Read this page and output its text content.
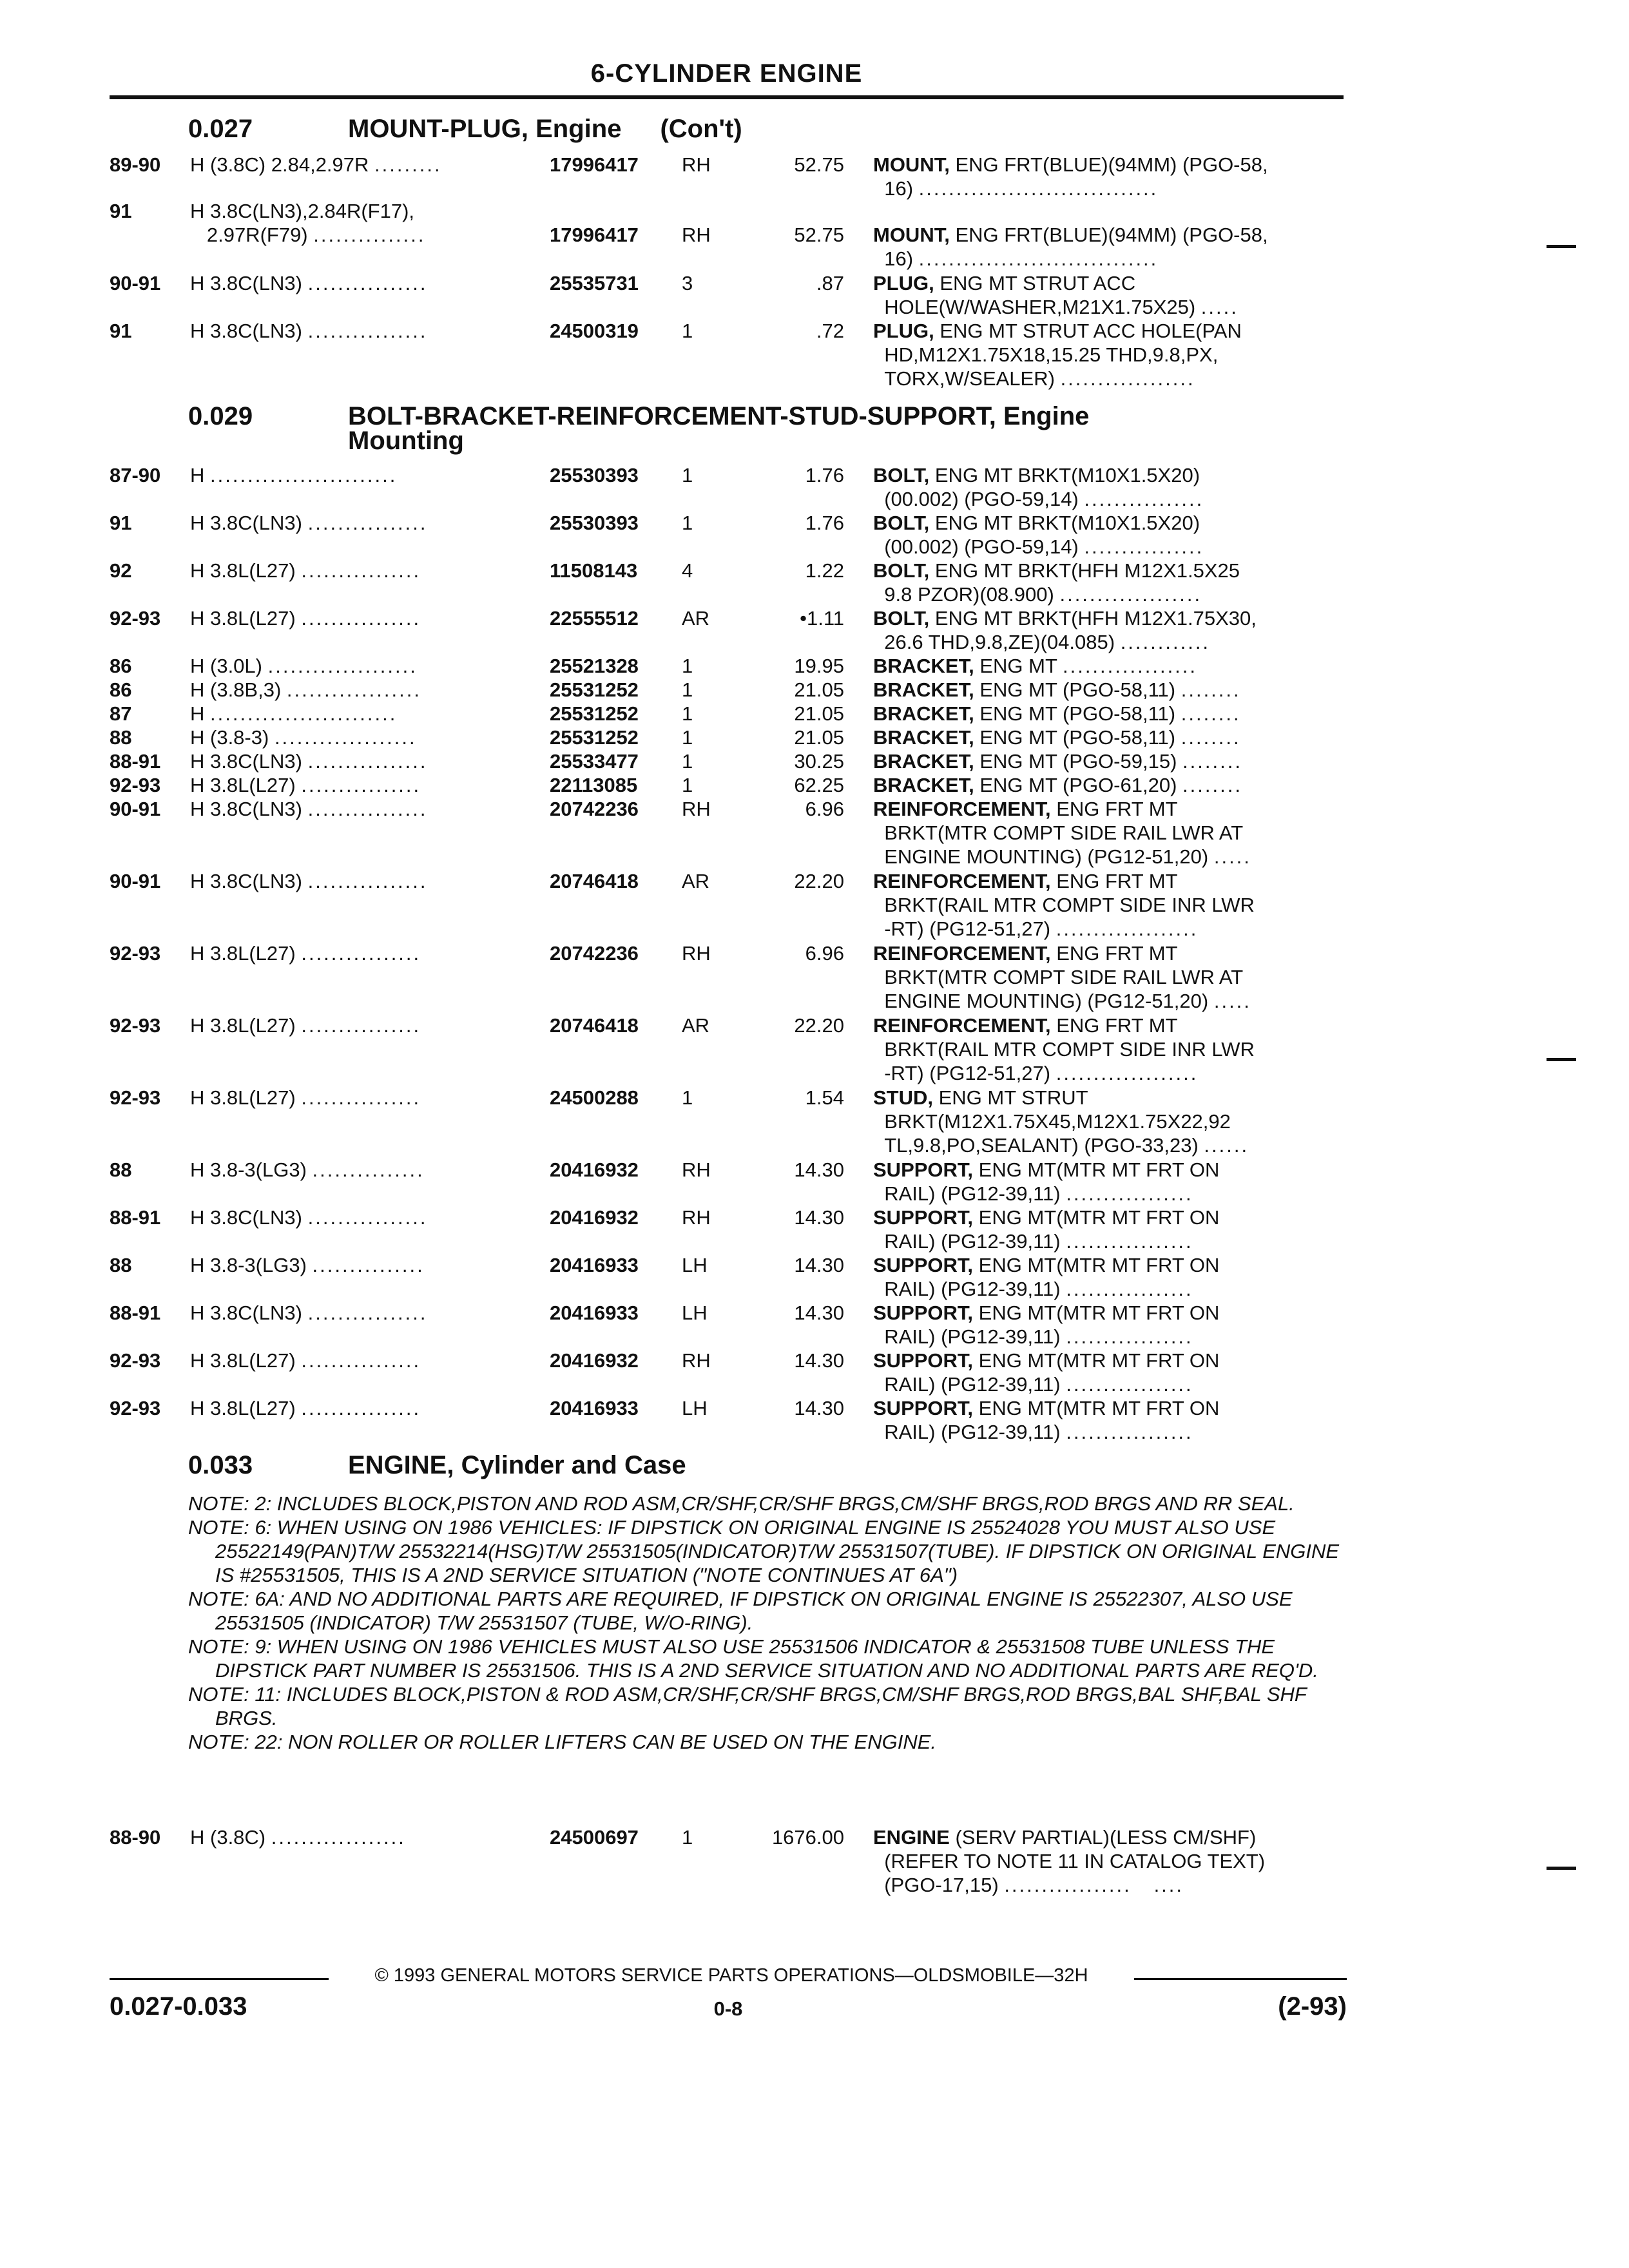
6-CYLINDER ENGINE
0.027	MOUNT-PLUG, Engine (Con't)
89-90	H (3.8C) 2.84,2.97R .........	17996417	RH	52.75 MOUNT, ENG FRT(BLUE)(94MM) (PGO-58,
16) ................................
91	H 3.8C(LN3),2.84R(F17),
2.97R(F79) ...............	17996417	RH	52.75 MOUNT, ENG FRT(BLUE)(94MM) (PGO-58,
16) ................................
90-91	H 3.8C(LN3) ................	25535731	3	.87 PLUG, ENG MT STRUT ACC
HOLE(W/WASHER,M21X1.75X25) .....
91	H 3.8C(LN3) ................	24500319	1	.72 PLUG, ENG MT STRUT ACC HOLE(PAN
HD,M12X1.75X18,15.25 THD,9.8,PX,
TORX,W/SEALER) ..................
0.029	BOLT-BRACKET-REINFORCEMENT-STUD-SUPPORT, Engine
Mounting
87-90	H .........................	25530393	1	1.76 BOLT, ENG MT BRKT(M10X1.5X20)
(00.002) (PGO-59,14) ................
91	H 3.8C(LN3) ................	25530393	1	1.76 BOLT, ENG MT BRKT(M10X1.5X20)
(00.002) (PGO-59,14) ................
92	H 3.8L(L27) ................	11508143	4	1.22 BOLT, ENG MT BRKT(HFH M12X1.5X25
9.8 PZOR)(08.900) ...................
92-93	H 3.8L(L27) ................	22555512	AR	•1.11 BOLT, ENG MT BRKT(HFH M12X1.75X30,
26.6 THD,9.8,ZE)(04.085) ............
86	H (3.0L) ....................	25521328	1	19.95 BRACKET, ENG MT ..................
86	H (3.8B,3) ..................	25531252	1	21.05 BRACKET, ENG MT (PGO-58,11) ........
87	H .........................	25531252	1	21.05 BRACKET, ENG MT (PGO-58,11) ........
88	H (3.8-3) ...................	25531252	1	21.05 BRACKET, ENG MT (PGO-58,11) ........
88-91	H 3.8C(LN3) ................	25533477	1	30.25 BRACKET, ENG MT (PGO-59,15) ........
92-93	H 3.8L(L27) ................	22113085	1	62.25 BRACKET, ENG MT (PGO-61,20) ........
90-91	H 3.8C(LN3) ................	20742236	RH	6.96 REINFORCEMENT, ENG FRT MT
BRKT(MTR COMPT SIDE RAIL LWR AT
ENGINE MOUNTING) (PG12-51,20) .....
90-91	H 3.8C(LN3) ................	20746418	AR	22.20 REINFORCEMENT, ENG FRT MT
BRKT(RAIL MTR COMPT SIDE INR LWR
-RT) (PG12-51,27) ...................
92-93	H 3.8L(L27) ................	20742236	RH	6.96 REINFORCEMENT, ENG FRT MT
BRKT(MTR COMPT SIDE RAIL LWR AT
ENGINE MOUNTING) (PG12-51,20) .....
92-93	H 3.8L(L27) ................	20746418	AR	22.20 REINFORCEMENT, ENG FRT MT
BRKT(RAIL MTR COMPT SIDE INR LWR
-RT) (PG12-51,27) ...................
92-93	H 3.8L(L27) ................	24500288	1	1.54 STUD, ENG MT STRUT
BRKT(M12X1.75X45,M12X1.75X22,92
TL,9.8,PO,SEALANT) (PGO-33,23) ......
88	H 3.8-3(LG3) ...............	20416932	RH	14.30 SUPPORT, ENG MT(MTR MT FRT ON
RAIL) (PG12-39,11) .................
88-91	H 3.8C(LN3) ................	20416932	RH	14.30 SUPPORT, ENG MT(MTR MT FRT ON
RAIL) (PG12-39,11) .................
88	H 3.8-3(LG3) ...............	20416933	LH	14.30 SUPPORT, ENG MT(MTR MT FRT ON
RAIL) (PG12-39,11) .................
88-91	H 3.8C(LN3) ................	20416933	LH	14.30 SUPPORT, ENG MT(MTR MT FRT ON
RAIL) (PG12-39,11) .................
92-93	H 3.8L(L27) ................	20416932	RH	14.30 SUPPORT, ENG MT(MTR MT FRT ON
RAIL) (PG12-39,11) .................
92-93	H 3.8L(L27) ................	20416933	LH	14.30 SUPPORT, ENG MT(MTR MT FRT ON
RAIL) (PG12-39,11) .................
0.033	ENGINE, Cylinder and Case
NOTE: 2: INCLUDES BLOCK,PISTON AND ROD ASM,CR/SHF,CR/SHF BRGS,CM/SHF BRGS,ROD BRGS AND RR SEAL.
NOTE: 6: WHEN USING ON 1986 VEHICLES: IF DIPSTICK ON ORIGINAL ENGINE IS 25524028 YOU MUST ALSO USE 25522149(PAN)T/W 25532214(HSG)T/W 25531505(INDICATOR)T/W 25531507(TUBE). IF DIPSTICK ON ORIGINAL ENGINE IS #25531505, THIS IS A 2ND SERVICE SITUATION ("NOTE CONTINUES AT 6A")
NOTE: 6A: AND NO ADDITIONAL PARTS ARE REQUIRED, IF DIPSTICK ON ORIGINAL ENGINE IS 25522307, ALSO USE 25531505 (INDICATOR) T/W 25531507 (TUBE, W/O-RING).
NOTE: 9: WHEN USING ON 1986 VEHICLES MUST ALSO USE 25531506 INDICATOR & 25531508 TUBE UNLESS THE DIPSTICK PART NUMBER IS 25531506. THIS IS A 2ND SERVICE SITUATION AND NO ADDITIONAL PARTS ARE REQ'D.
NOTE: 11: INCLUDES BLOCK,PISTON & ROD ASM,CR/SHF,CR/SHF BRGS,CM/SHF BRGS,ROD BRGS,BAL SHF,BAL SHF BRGS.
NOTE: 22: NON ROLLER OR ROLLER LIFTERS CAN BE USED ON THE ENGINE.
88-90	H (3.8C) ..................	24500697	1	1676.00 ENGINE (SERV PARTIAL)(LESS CM/SHF)
(REFER TO NOTE 11 IN CATALOG TEXT)
(PGO-17,15) .................   ....
© 1993 GENERAL MOTORS SERVICE PARTS OPERATIONS—OLDSMOBILE—32H
0.027-0.033	0-8	(2-93)
